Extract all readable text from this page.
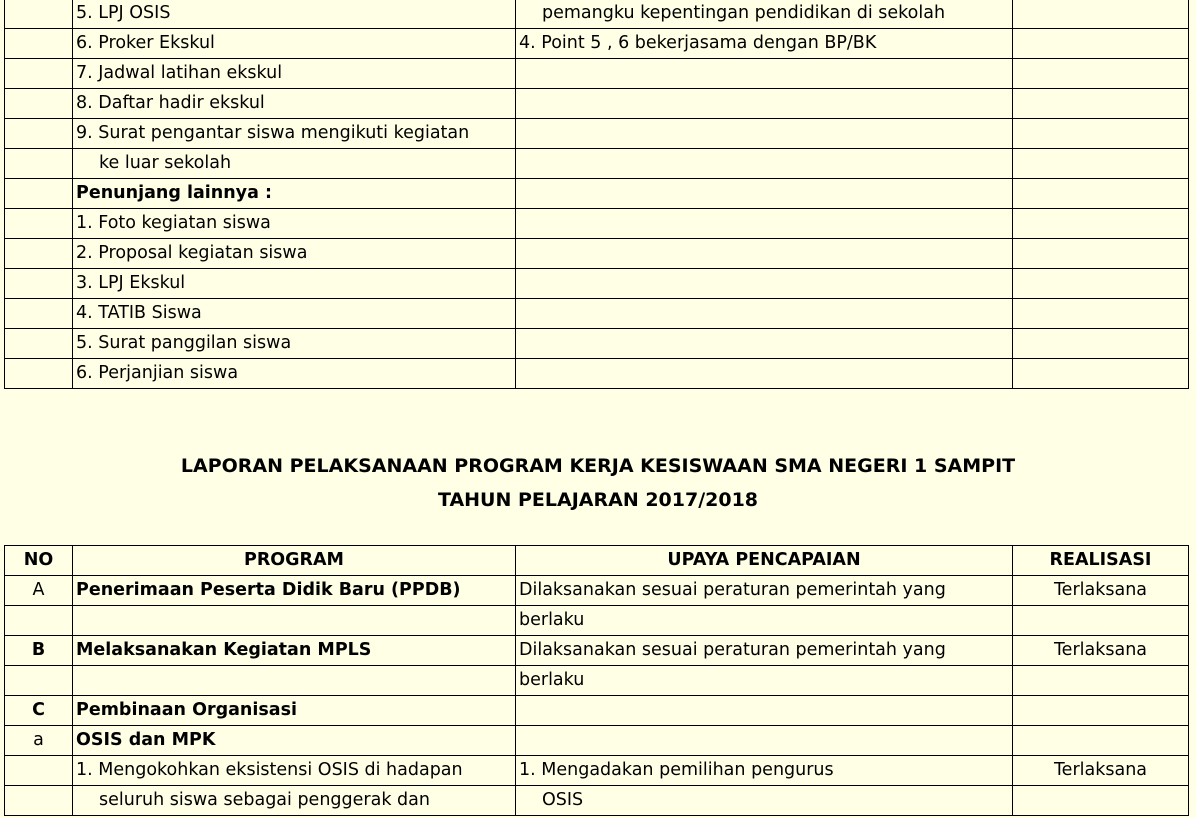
	5. LPJ OSIS	pemangku kepentingan pendidikan di sekolah	
	6. Proker Ekskul	4. Point 5 , 6 bekerjasama dengan BP/BK	
	7. Jadwal latihan ekskul		
	8. Daftar hadir ekskul		
	9. Surat pengantar siswa mengikuti kegiatan		
	ke luar sekolah		
	Penunjang lainnya :		
	1. Foto kegiatan siswa		
	2. Proposal kegiatan siswa		
	3. LPJ Ekskul		
	4. TATIB Siswa		
	5. Surat panggilan siswa		
	6. Perjanjian siswa		
LAPORAN PELAKSANAAN PROGRAM KERJA KESISWAAN SMA NEGERI 1 SAMPIT
TAHUN PELAJARAN 2017/2018
NO	PROGRAM	UPAYA PENCAPAIAN	REALISASI
A	Penerimaan Peserta Didik Baru (PPDB)	Dilaksanakan sesuai peraturan pemerintah yang	Terlaksana
		berlaku	
B	Melaksanakan Kegiatan MPLS	Dilaksanakan sesuai peraturan pemerintah yang	Terlaksana
		berlaku	
C	Pembinaan Organisasi		
a	OSIS dan MPK		
	1. Mengokohkan eksistensi OSIS di hadapan	1. Mengadakan pemilihan pengurus	Terlaksana
	seluruh siswa sebagai penggerak dan	OSIS	
